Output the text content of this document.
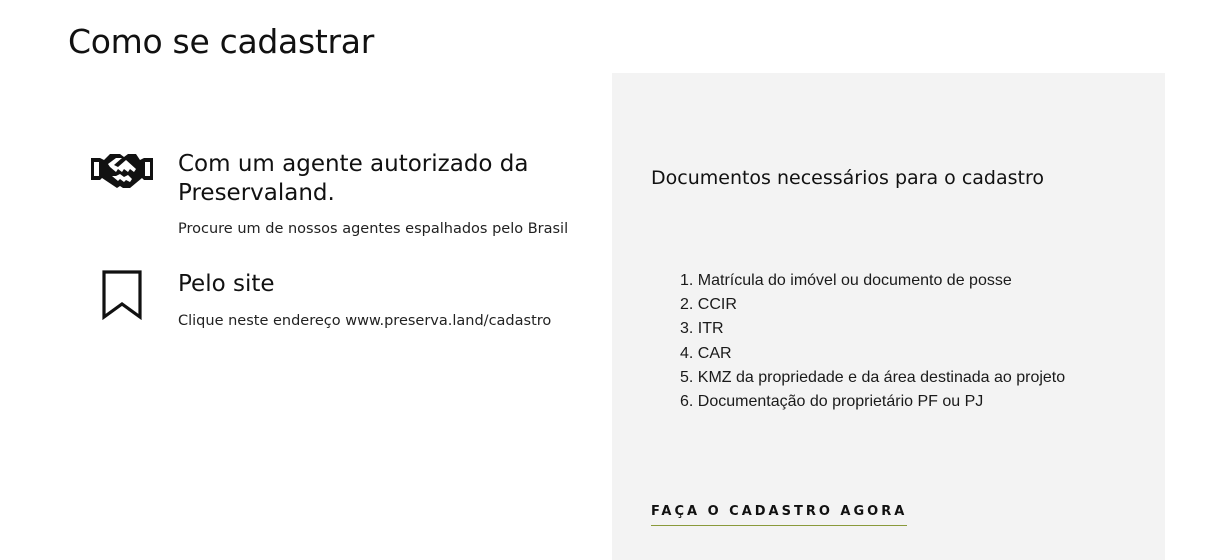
Como se cadastrar
Com um agente autorizado da Preservaland.
Procure um de nossos agentes espalhados pelo Brasil
Pelo site
Clique neste endereço www.preserva.land/cadastro
Documentos necessários para o cadastro
1. Matrícula do imóvel ou documento de posse
2. CCIR
3. ITR
4. CAR
5. KMZ da propriedade e da área destinada ao projeto
6. Documentação do proprietário PF ou PJ
FAÇA O CADASTRO AGORA
